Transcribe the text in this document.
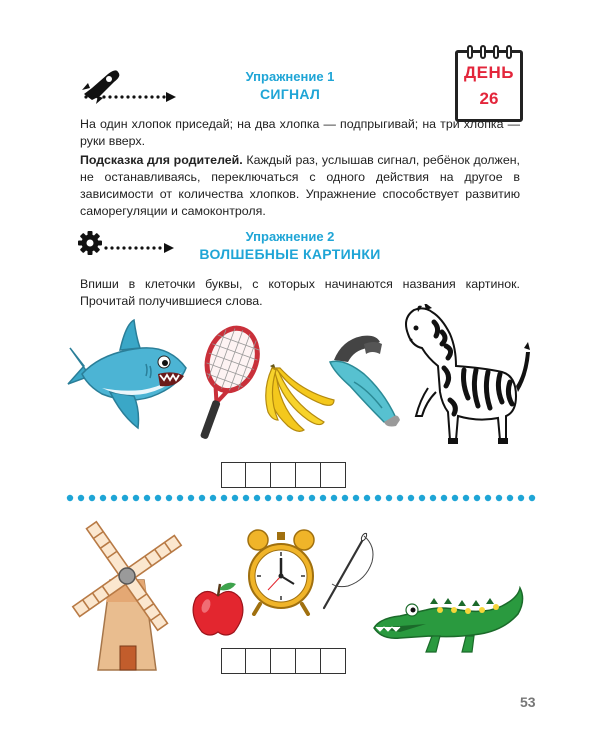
Упражнение 1
СИГНАЛ
ДЕНЬ
26

На один хлопок приседай; на два хлопка — подпрыгивай; на три хлопка — руки вверх.

Подсказка для родителей. Каждый раз, услышав сигнал, ребёнок должен, не останавливаясь, переключаться с одного действия на другое в зависимости от количества хлопков. Упражнение способствует развитию саморегуляции и самоконтроля.

Упражнение 2
ВОЛШЕБНЫЕ КАРТИНКИ
Впиши в клеточки буквы, с которых начинаются названия картинок. Прочитай получившиеся слова.
53
